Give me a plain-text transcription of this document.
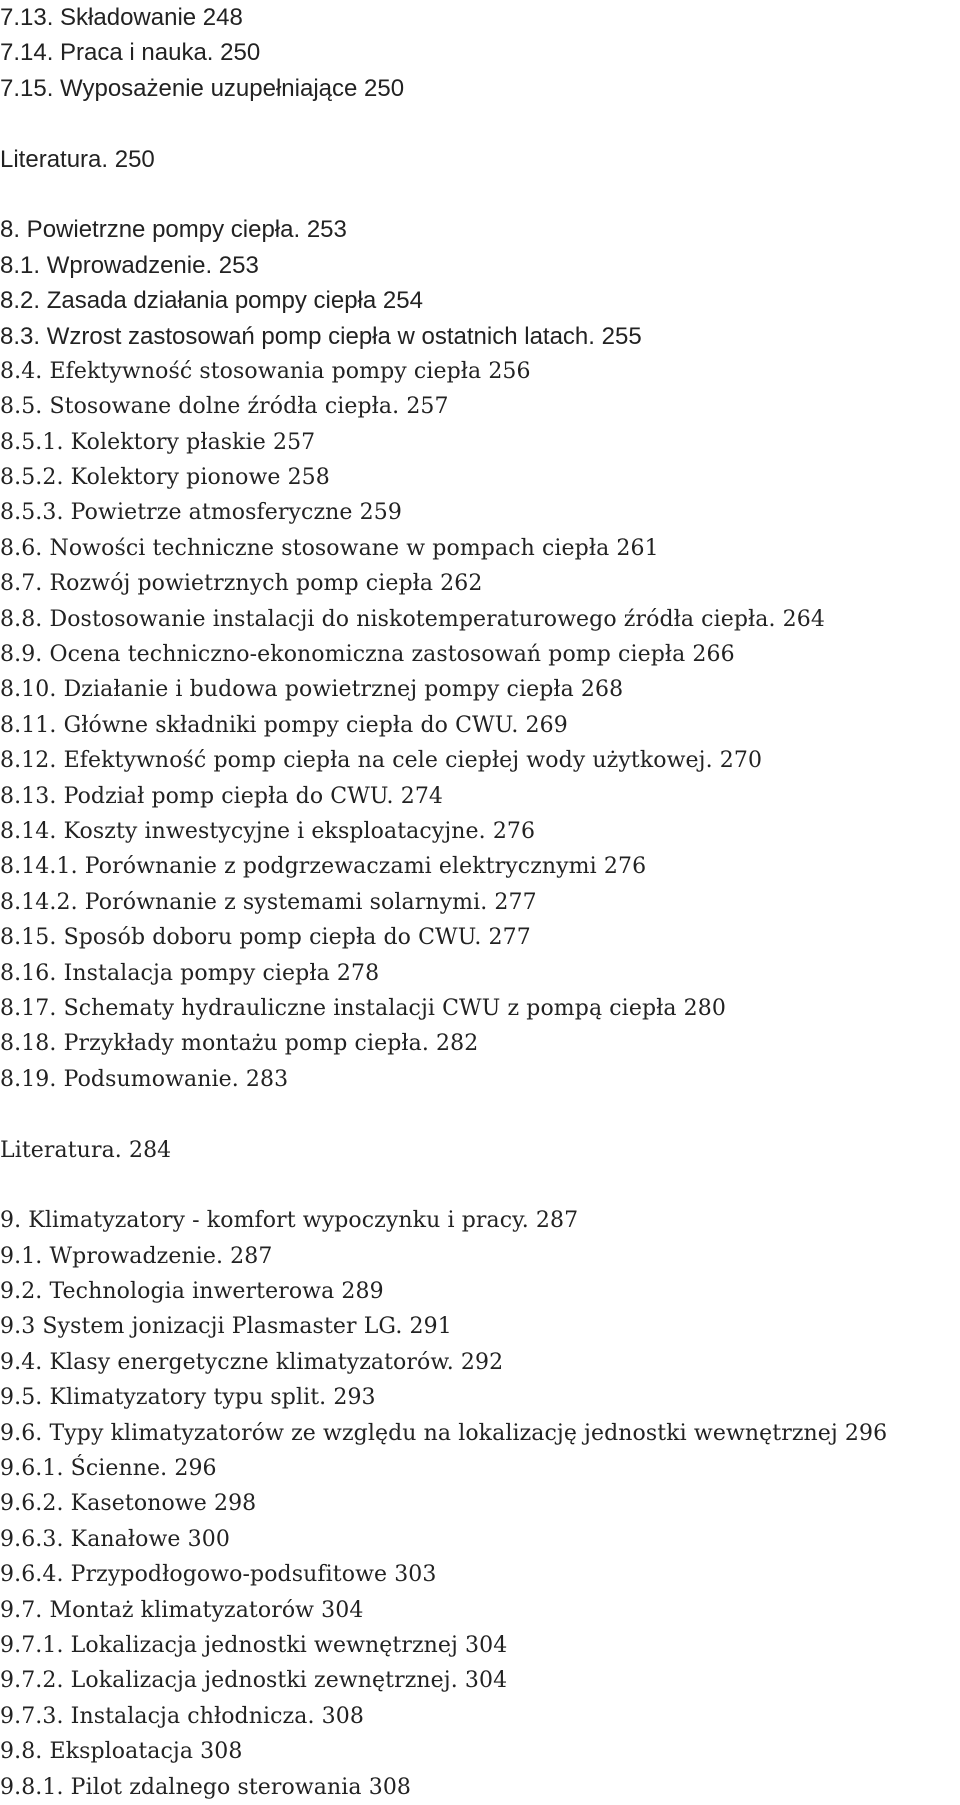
7.13. Składowanie 248
7.14. Praca i nauka. 250
7.15. Wyposażenie uzupełniające 250
Literatura. 250
8. Powietrzne pompy ciepła. 253
8.1. Wprowadzenie. 253
8.2. Zasada działania pompy ciepła 254
8.3. Wzrost zastosowań pomp ciepła w ostatnich latach. 255
8.4. Efektywność stosowania pompy ciepła 256
8.5. Stosowane dolne źródła ciepła. 257
8.5.1. Kolektory płaskie 257
8.5.2. Kolektory pionowe 258
8.5.3. Powietrze atmosferyczne 259
8.6. Nowości techniczne stosowane w pompach ciepła 261
8.7. Rozwój powietrznych pomp ciepła 262
8.8. Dostosowanie instalacji do niskotemperaturowego źródła ciepła. 264
8.9. Ocena techniczno-ekonomiczna zastosowań pomp ciepła 266
8.10. Działanie i budowa powietrznej pompy ciepła 268
8.11. Główne składniki pompy ciepła do CWU. 269
8.12. Efektywność pomp ciepła na cele ciepłej wody użytkowej. 270
8.13. Podział pomp ciepła do CWU. 274
8.14. Koszty inwestycyjne i eksploatacyjne. 276
8.14.1. Porównanie z podgrzewaczami elektrycznymi 276
8.14.2. Porównanie z systemami solarnymi. 277
8.15. Sposób doboru pomp ciepła do CWU. 277
8.16. Instalacja pompy ciepła 278
8.17. Schematy hydrauliczne instalacji CWU z pompą ciepła 280
8.18. Przykłady montażu pomp ciepła. 282
8.19. Podsumowanie. 283
Literatura. 284
9. Klimatyzatory - komfort wypoczynku i pracy. 287
9.1. Wprowadzenie. 287
9.2. Technologia inwerterowa 289
9.3 System jonizacji Plasmaster LG. 291
9.4. Klasy energetyczne klimatyzatorów. 292
9.5. Klimatyzatory typu split. 293
9.6. Typy klimatyzatorów ze względu na lokalizację jednostki wewnętrznej 296
9.6.1. Ścienne. 296
9.6.2. Kasetonowe 298
9.6.3. Kanałowe 300
9.6.4. Przypodłogowo-podsufitowe 303
9.7. Montaż klimatyzatorów 304
9.7.1. Lokalizacja jednostki wewnętrznej 304
9.7.2. Lokalizacja jednostki zewnętrznej. 304
9.7.3. Instalacja chłodnicza. 308
9.8. Eksploatacja 308
9.8.1. Pilot zdalnego sterowania 308
